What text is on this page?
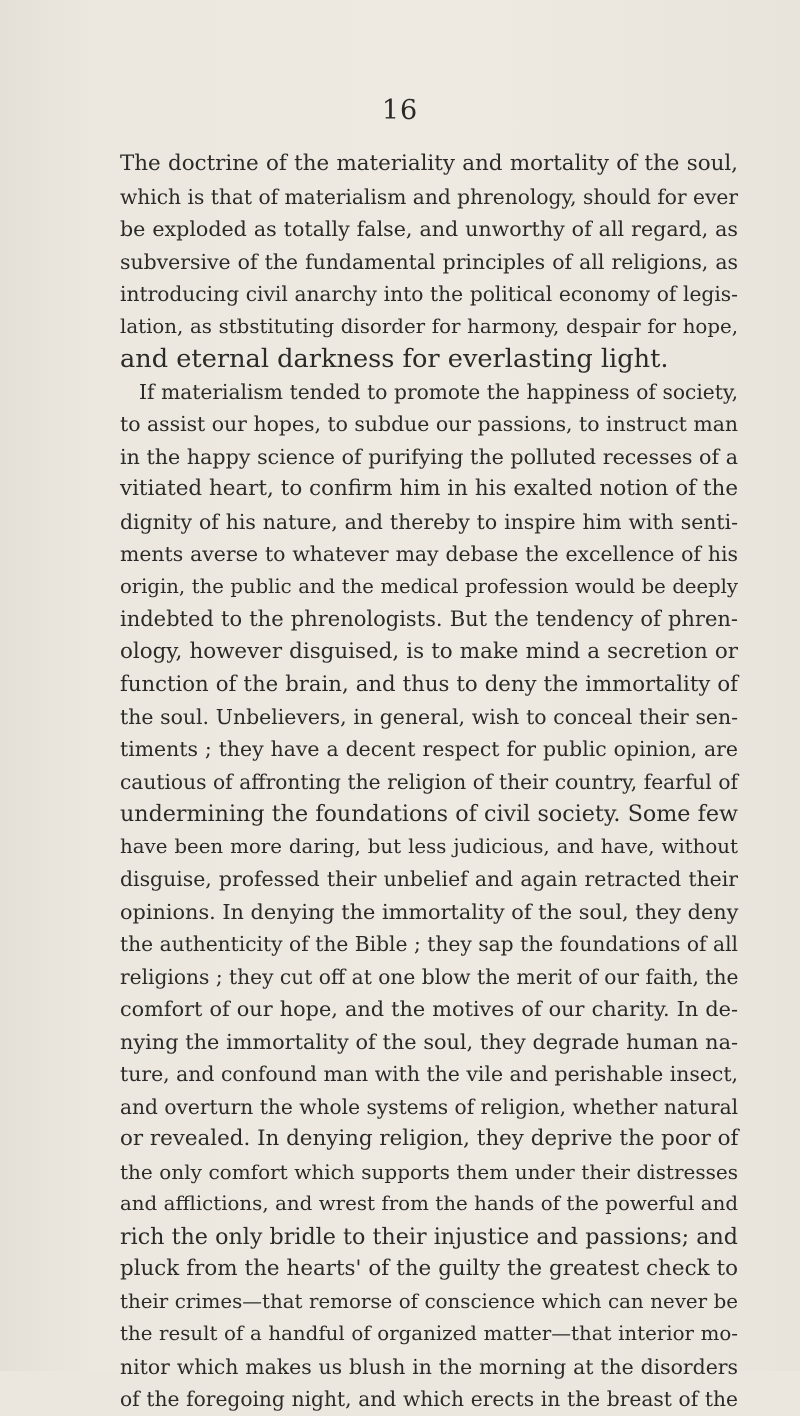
16
The doctrine of the materiality and mortality of the soul,
which is that of materialism and phrenology, should for ever
be exploded as totally false, and unworthy of all regard, as
subversive of the fundamental principles of all religions, as
introducing civil anarchy into the political economy of legis-
lation, as stbstituting disorder for harmony, despair for hope,
and eternal darkness for everlasting light.
If materialism tended to promote the happiness of society,
to assist our hopes, to subdue our passions, to instruct man
in the happy science of purifying the polluted recesses of a
vitiated heart, to confirm him in his exalted notion of the
dignity of his nature, and thereby to inspire him with senti-
ments averse to whatever may debase the excellence of his
origin, the public and the medical profession would be deeply
indebted to the phrenologists. But the tendency of phren-
ology, however disguised, is to make mind a secretion or
function of the brain, and thus to deny the immortality of
the soul. Unbelievers, in general, wish to conceal their sen-
timents ; they have a decent respect for public opinion, are
cautious of affronting the religion of their country, fearful of
undermining the foundations of civil society. Some few
have been more daring, but less judicious, and have, without
disguise, professed their unbelief and again retracted their
opinions. In denying the immortality of the soul, they deny
the authenticity of the Bible ; they sap the foundations of all
religions ; they cut off at one blow the merit of our faith, the
comfort of our hope, and the motives of our charity. In de-
nying the immortality of the soul, they degrade human na-
ture, and confound man with the vile and perishable insect,
and overturn the whole systems of religion, whether natural
or revealed. In denying religion, they deprive the poor of
the only comfort which supports them under their distresses
and afflictions, and wrest from the hands of the powerful and
rich the only bridle to their injustice and passions; and
pluck from the hearts' of the guilty the greatest check to
their crimes—that remorse of conscience which can never be
the result of a handful of organized matter—that interior mo-
nitor which makes us blush in the morning at the disorders
of the foregoing night, and which erects in the breast of the
